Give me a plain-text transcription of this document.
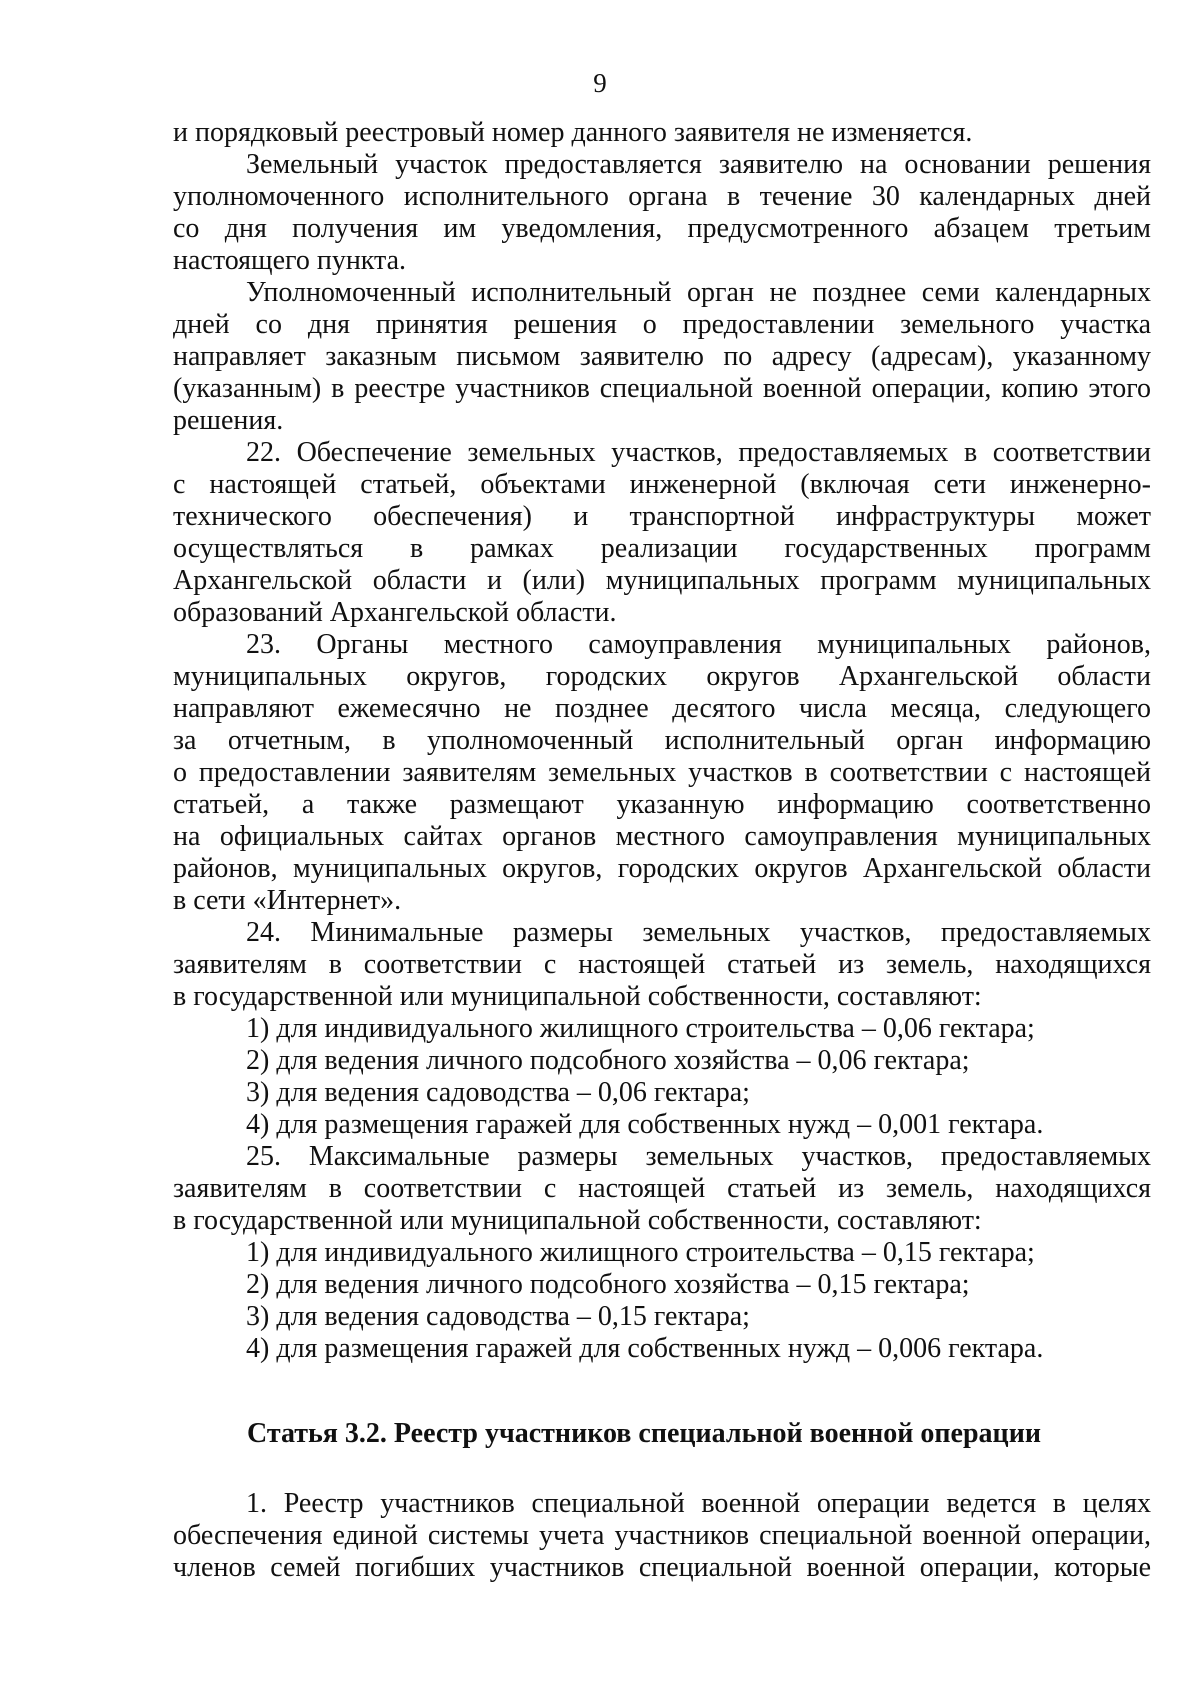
9
и порядковый реестровый номер данного заявителя не изменяется.
Земельный участок предоставляется заявителю на основании решения
уполномоченного исполнительного органа в течение 30 календарных дней
со дня получения им уведомления, предусмотренного абзацем третьим
настоящего пункта.
Уполномоченный исполнительный орган не позднее семи календарных
дней со дня принятия решения о предоставлении земельного участка
направляет заказным письмом заявителю по адресу (адресам), указанному
(указанным) в реестре участников специальной военной операции, копию этого
решения.
22. Обеспечение земельных участков, предоставляемых в соответствии
с настоящей статьей, объектами инженерной (включая сети инженерно-
технического обеспечения) и транспортной инфраструктуры может
осуществляться в рамках реализации государственных программ
Архангельской области и (или) муниципальных программ муниципальных
образований Архангельской области.
23. Органы местного самоуправления муниципальных районов,
муниципальных округов, городских округов Архангельской области
направляют ежемесячно не позднее десятого числа месяца, следующего
за отчетным, в уполномоченный исполнительный орган информацию
о предоставлении заявителям земельных участков в соответствии с настоящей
статьей, а также размещают указанную информацию соответственно
на официальных сайтах органов местного самоуправления муниципальных
районов, муниципальных округов, городских округов Архангельской области
в сети «Интернет».
24. Минимальные размеры земельных участков, предоставляемых
заявителям в соответствии с настоящей статьей из земель, находящихся
в государственной или муниципальной собственности, составляют:
1) для индивидуального жилищного строительства – 0,06 гектара;
2) для ведения личного подсобного хозяйства – 0,06 гектара;
3) для ведения садоводства – 0,06 гектара;
4) для размещения гаражей для собственных нужд – 0,001 гектара.
25. Максимальные размеры земельных участков, предоставляемых
заявителям в соответствии с настоящей статьей из земель, находящихся
в государственной или муниципальной собственности, составляют:
1) для индивидуального жилищного строительства – 0,15 гектара;
2) для ведения личного подсобного хозяйства – 0,15 гектара;
3) для ведения садоводства – 0,15 гектара;
4) для размещения гаражей для собственных нужд – 0,006 гектара.
Статья 3.2. Реестр участников специальной военной операции
1. Реестр участников специальной военной операции ведется в целях
обеспечения единой системы учета участников специальной военной операции,
членов семей погибших участников специальной военной операции, которые
